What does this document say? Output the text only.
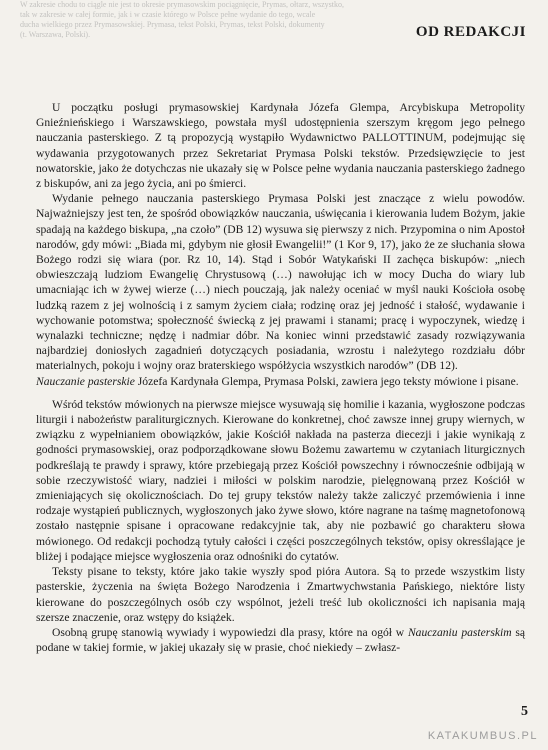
W zakresie chodu to ciągle nie jest to okresie prymasowskim pociągnięcie, Prymas, ołtarz, wszystko,

tak w zakresie w całej formie, jak i w czasie którego w Polsce pełne wydanie do tego, wcale

ducha wielkiego przez Prymasowskiej. Prymasa, tekst Polski, Prymas, tekst Polski, dokumenty

(t. Warszawa, Polski).	OD REDAKCJI

U początku posługi prymasowskiej Kardynała Józefa Glempa, Arcybiskupa Metropolity Gnieźnieńskiego i Warszawskiego, powstała myśl udostępnienia szerszym kręgom jego pełnego nauczania pasterskiego. Z tą propozycją wystąpiło Wydawnictwo PALLOTTINUM, podejmując się wydawania przygotowanych przez Sekretariat Prymasa Polski tekstów. Przedsięwzięcie to jest nowatorskie, jako że dotychczas nie ukazały się w Polsce pełne wydania nauczania pasterskiego żadnego z biskupów, ani za jego życia, ani po śmierci.

Wydanie pełnego nauczania pasterskiego Prymasa Polski jest znaczące z wielu powodów. Najważniejszy jest ten, że spośród obowiązków nauczania, uświęcania i kierowania ludem Bożym, jakie spadają na każdego biskupa, „na czoło” (DB 12) wysuwa się pierwszy z nich. Przypomina o nim Apostoł narodów, gdy mówi: „Biada mi, gdybym nie głosił Ewangelii!” (1 Kor 9, 17), jako że ze słuchania słowa Bożego rodzi się wiara (por. Rz 10, 14). Stąd i Sobór Watykański II zachęca biskupów: „niech obwieszczają ludziom Ewangelię Chrystusową (…) nawołując ich w mocy Ducha do wiary lub umacniając ich w żywej wierze (…) niech pouczają, jak należy oceniać w myśl nauki Kościoła osobę ludzką razem z jej wolnością i z samym życiem ciała; rodzinę oraz jej jedność i stałość, wydawanie i wychowanie potomstwa; społeczność świecką z jej prawami i stanami; pracę i wypoczynek, wiedzę i wynalazki techniczne; nędzę i nadmiar dóbr. Na koniec winni przedstawić zasady rozwiązywania najbardziej doniosłych zagadnień dotyczących posiadania, wzrostu i należytego rozdziału dóbr materialnych, pokoju i wojny oraz braterskiego współżycia wszystkich narodów” (DB 12).

Nauczanie pasterskie Józefa Kardynała Glempa, Prymasa Polski, zawiera jego teksty mówione i pisane.

Wśród tekstów mówionych na pierwsze miejsce wysuwają się homilie i kazania, wygłoszone podczas liturgii i nabożeństw paraliturgicznych. Kierowane do konkretnej, choć zawsze innej grupy wiernych, w związku z wypełnianiem obowiązków, jakie Kościół nakłada na pasterza diecezji i jakie wynikają z godności prymasowskiej, oraz podporządkowane słowu Bożemu zawartemu w czytaniach liturgicznych podkreślają te prawdy i sprawy, które przebiegają przez Kościół powszechny i równocześnie odbijają w sobie rzeczywistość wiary, nadziei i miłości w polskim narodzie, pielęgnowaną przez Kościół w zmieniających się okolicznościach. Do tej grupy tekstów należy także zaliczyć przemówienia i inne rodzaje wystąpień publicznych, wygłoszonych jako żywe słowo, które nagrane na taśmę magnetofonową zostało następnie spisane i opracowane redakcyjnie tak, aby nie pozbawić go charakteru słowa mówionego. Od redakcji pochodzą tytuły całości i części poszczególnych tekstów, opisy okresślające je bliżej i podające miejsce wygłoszenia oraz odnośniki do cytatów.

Teksty pisane to teksty, które jako takie wyszły spod pióra Autora. Są to przede wszystkim listy pasterskie, życzenia na święta Bożego Narodzenia i Zmartwychwstania Pańskiego, niektóre listy kierowane do poszczególnych osób czy wspólnot, jeżeli treść lub okoliczności ich napisania mają szersze znaczenie, oraz wstępy do książek.

Osobną grupę stanowią wywiady i wypowiedzi dla prasy, które na ogół w Nauczaniu pasterskim są podane w takiej formie, w jakiej ukazały się w prasie, choć niekiedy – zwłasz-

5

KATAKUMBUS.PL
